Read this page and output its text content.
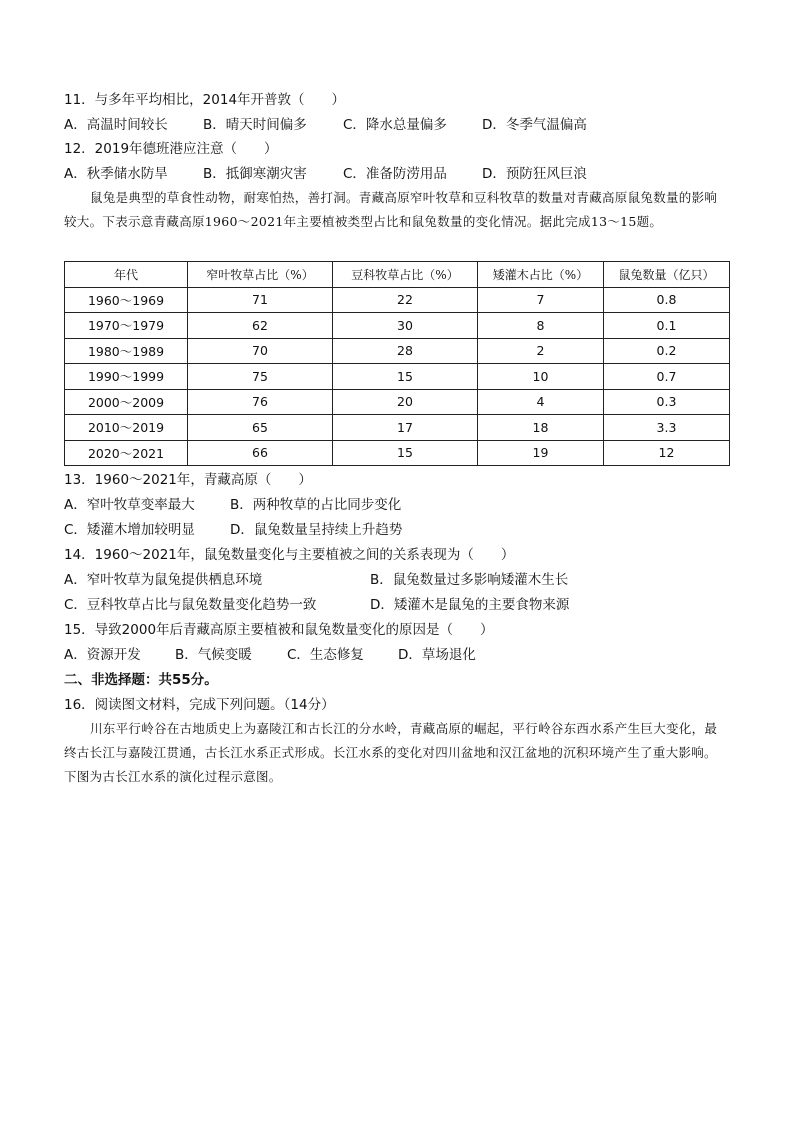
11．与多年平均相比，2014年开普敦（　　）
A．高温时间较长	B．晴天时间偏多	C．降水总量偏多	D．冬季气温偏高
12．2019年德班港应注意（　　）
A．秋季储水防旱	B．抵御寒潮灾害	C．准备防涝用品	D．预防狂风巨浪
鼠兔是典型的草食性动物，耐寒怕热，善打洞。青藏高原窄叶牧草和豆科牧草的数量对青藏高原鼠兔数量的影响较大。下表示意青藏高原1960～2021年主要植被类型占比和鼠兔数量的变化情况。据此完成13～15题。
年代	窄叶牧草占比（%）	豆科牧草占比（%）	矮灌木占比（%）	鼠兔数量（亿只）
1960～1969	71	22	7	0.8
1970～1979	62	30	8	0.1
1980～1989	70	28	2	0.2
1990～1999	75	15	10	0.7
2000～2009	76	20	4	0.3
2010～2019	65	17	18	3.3
2020～2021	66	15	19	12
13．1960～2021年，青藏高原（　　）
A．窄叶牧草变率最大	B．两种牧草的占比同步变化
C．矮灌木增加较明显	D．鼠兔数量呈持续上升趋势
14．1960～2021年，鼠兔数量变化与主要植被之间的关系表现为（　　）
A．窄叶牧草为鼠兔提供栖息环境	B．鼠兔数量过多影响矮灌木生长
C．豆科牧草占比与鼠兔数量变化趋势一致	D．矮灌木是鼠兔的主要食物来源
15．导致2000年后青藏高原主要植被和鼠兔数量变化的原因是（　　）
A．资源开发	B．气候变暖	C．生态修复	D．草场退化
二、非选择题：共55分。
16．阅读图文材料，完成下列问题。（14分）
川东平行岭谷在古地质史上为嘉陵江和古长江的分水岭，青藏高原的崛起，平行岭谷东西水系产生巨大变化，最终古长江与嘉陵江贯通，古长江水系正式形成。长江水系的变化对四川盆地和汉江盆地的沉积环境产生了重大影响。下图为古长江水系的演化过程示意图。
